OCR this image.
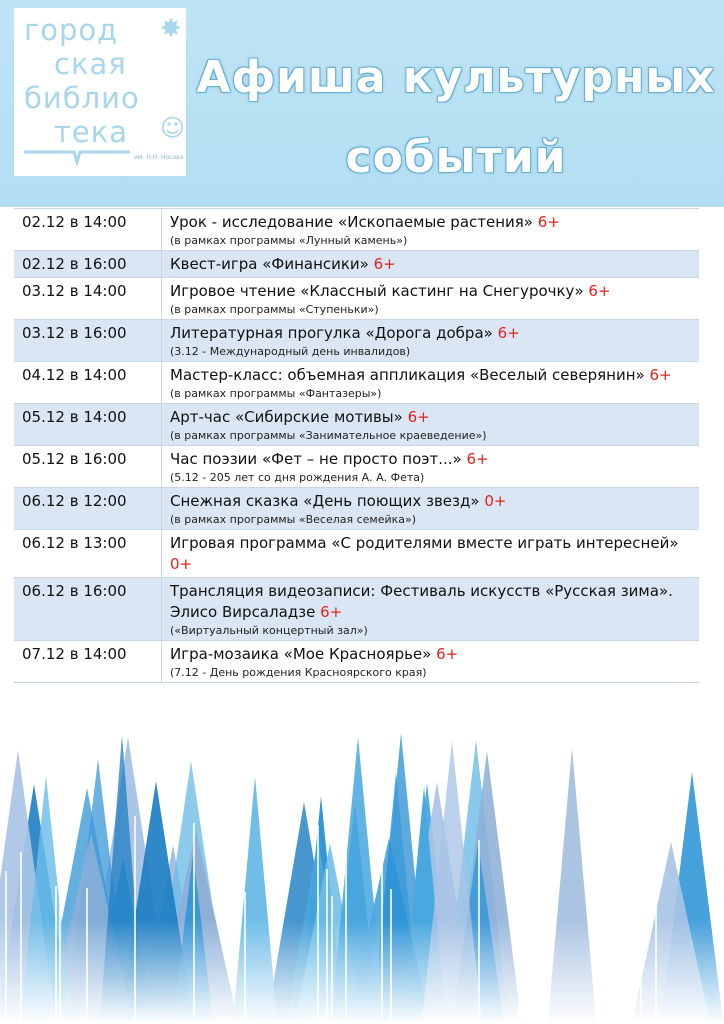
✸
город
ская
библио
тека ☺
им. Н.Н. Носова
Афиша культурных
событий
02.12 в 14:00	Урок - исследование «Ископаемые растения» 6+
(в рамках программы «Лунный камень»)
02.12 в 16:00	Квест-игра «Финансики» 6+
03.12 в 14:00	Игровое чтение «Классный кастинг на Снегурочку» 6+
(в рамках программы «Ступеньки»)
03.12 в 16:00	Литературная прогулка «Дорога добра» 6+
(3.12 - Международный день инвалидов)
04.12 в 14:00	Мастер-класс: объемная аппликация «Веселый северянин» 6+
(в рамках программы «Фантазеры»)
05.12 в 14:00	Арт-час «Сибирские мотивы» 6+
(в рамках программы «Занимательное краеведение»)
05.12 в 16:00	Час поэзии «Фет – не просто поэт...» 6+
(5.12 - 205 лет со дня рождения А. А. Фета)
06.12 в 12:00	Снежная сказка «День поющих звезд» 0+
(в рамках программы «Веселая семейка»)
06.12 в 13:00	Игровая программа «С родителями вместе играть интересней» 0+
06.12 в 16:00	Трансляция видеозаписи: Фестиваль искусств «Русская зима». Элисо Вирсаладзе 6+
(«Виртуальный концертный зал»)
07.12 в 14:00	Игра-мозаика «Мое Красноярье» 6+
(7.12 - День рождения Красноярского края)
